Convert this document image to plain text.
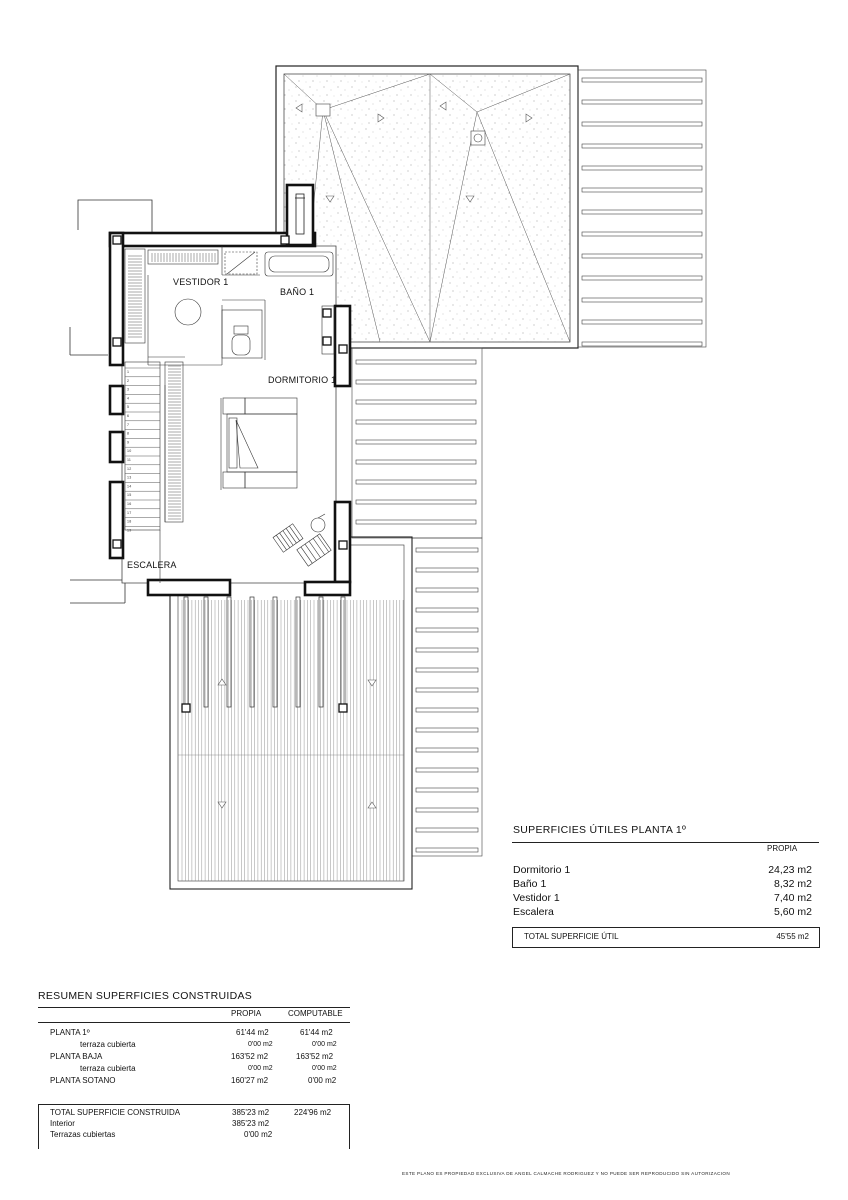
1
2
3
4
5
6
7
8
9
10
11
12
13
14
15
16
17
18
19
VESTIDOR 1
BAÑO 1
DORMITORIO 1
ESCALERA
SUPERFICIES ÚTILES PLANTA 1º
PROPIA
Dormitorio 1	24,23 m2
Baño 1	8,32 m2
Vestidor 1	7,40 m2
Escalera	5,60 m2
TOTAL SUPERFICIE ÚTIL	45'55 m2
RESUMEN SUPERFICIES CONSTRUIDAS
PROPIA	COMPUTABLE
PLANTA 1º	61'44 m2	61'44 m2
terraza cubierta	0'00 m2	0'00 m2
PLANTA BAJA	163'52 m2	163'52 m2
terraza cubierta	0'00 m2	0'00 m2
PLANTA SOTANO	160'27 m2	0'00 m2
TOTAL SUPERFICIE CONSTRUIDA	385'23 m2	224'96 m2
Interior	385'23 m2
Terrazas cubiertas	0'00 m2
ESTE PLANO ES PROPIEDAD EXCLUSIVA DE ANGEL CALMACHE RODRIGUEZ Y NO PUEDE SER REPRODUCIDO SIN AUTORIZACION
